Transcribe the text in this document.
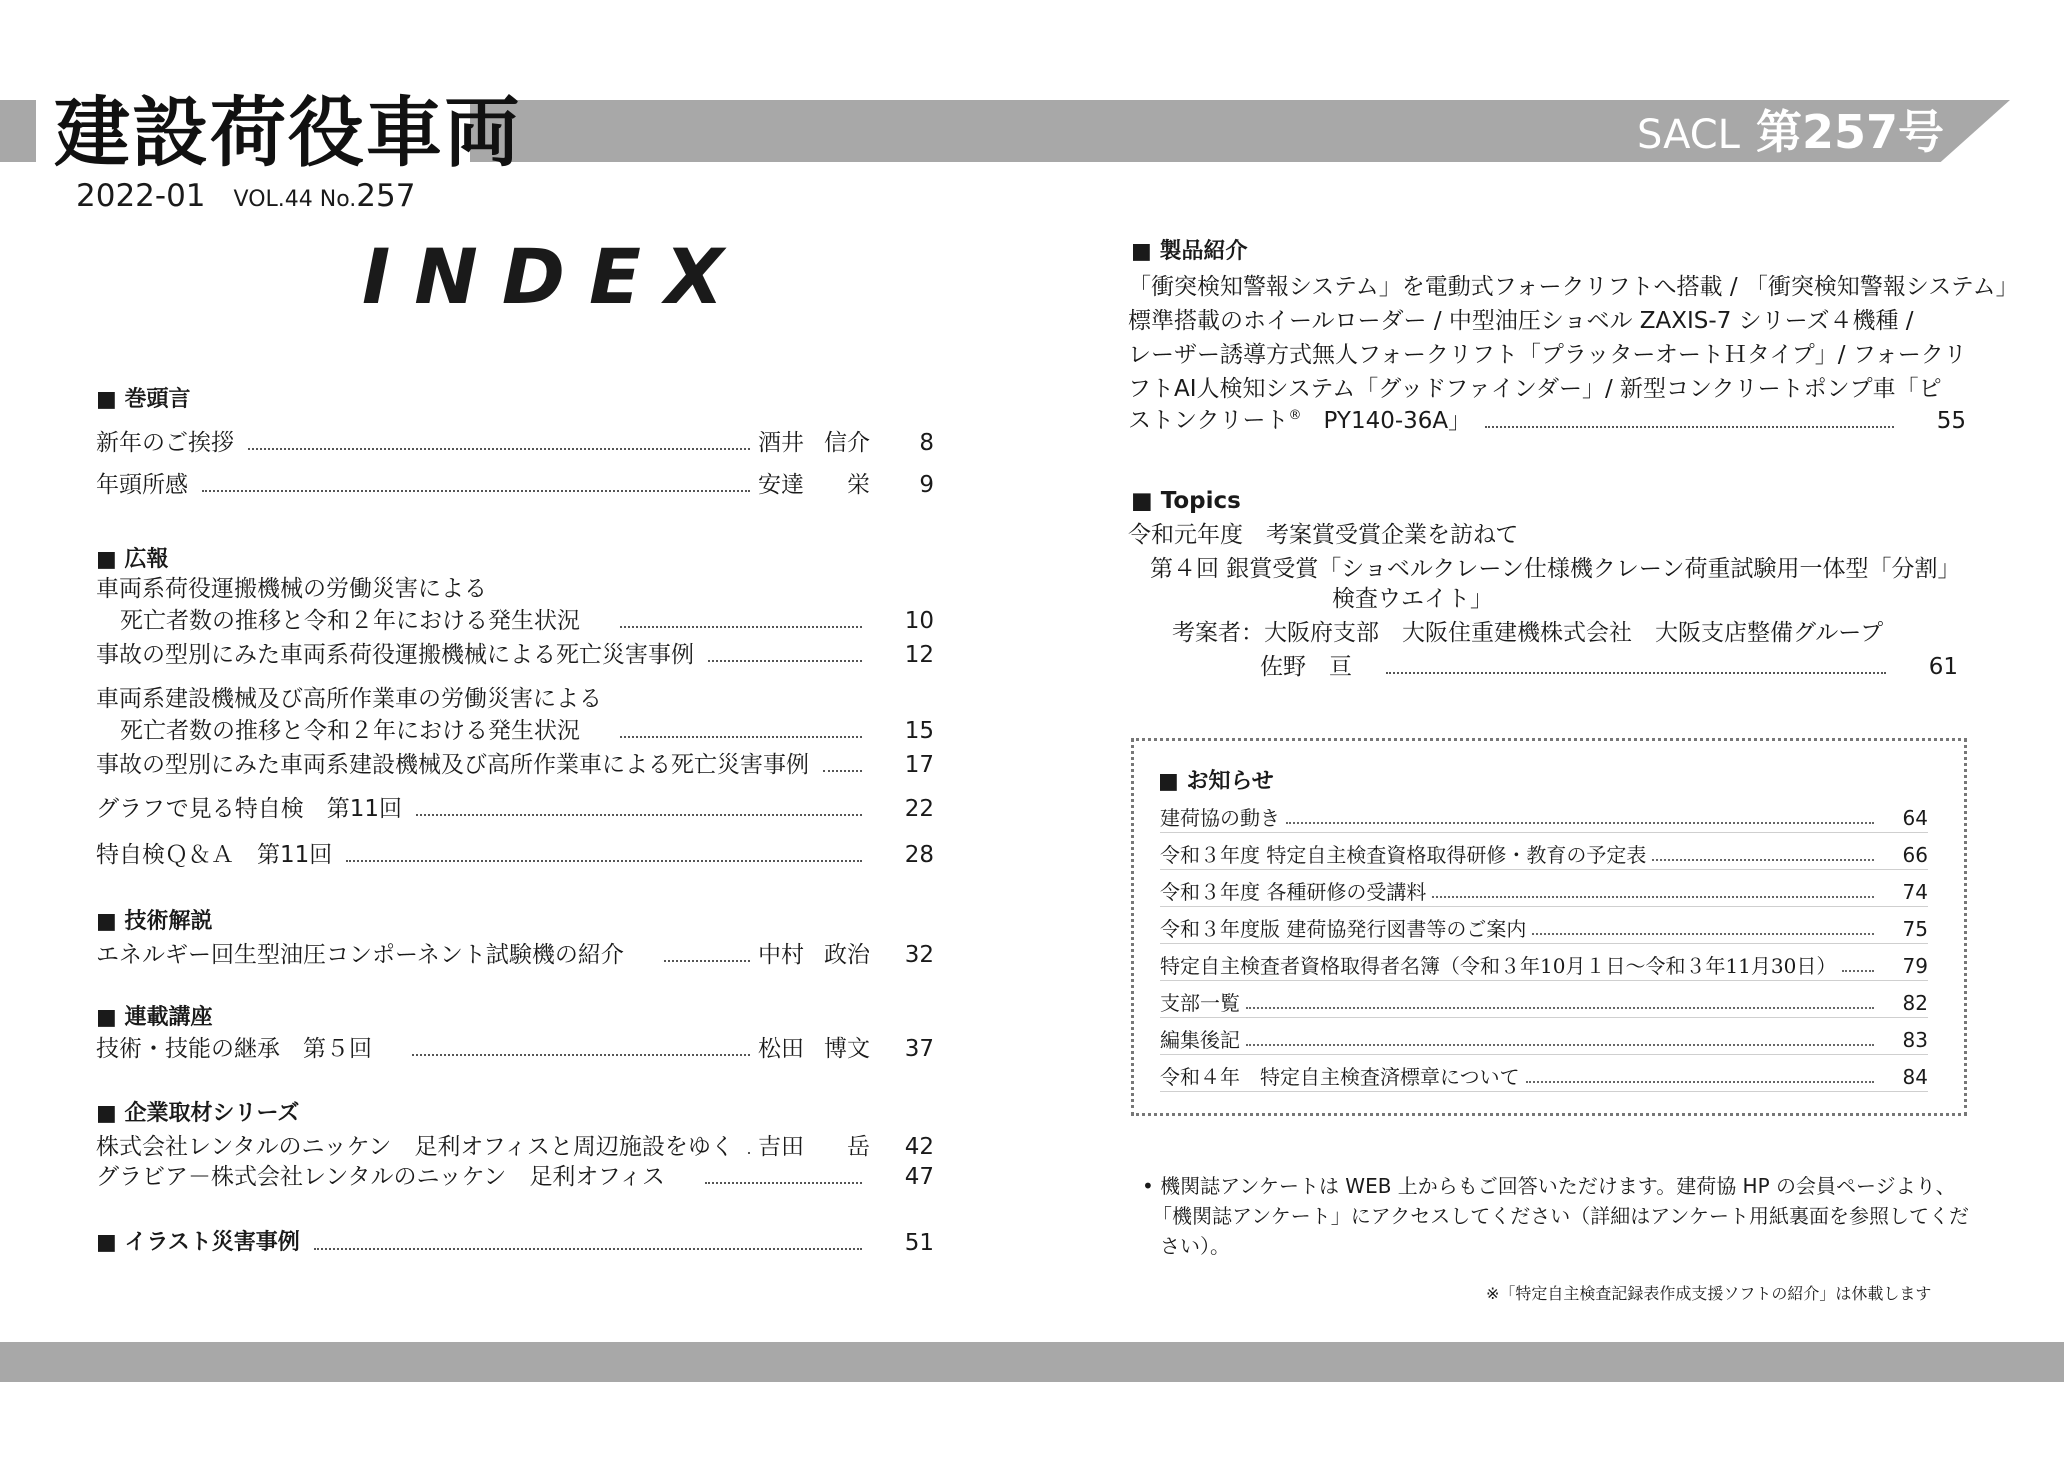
建設荷役車両	SACL 第257号
2022-01 VOL.44 No.257
INDEX
■ 巻頭言
新年のご挨拶	酒井 信介	8
年頭所感	安達 栄	9
■ 広報
車両系荷役運搬機械の労働災害による
死亡者数の推移と令和２年における発生状況	10
事故の型別にみた車両系荷役運搬機械による死亡災害事例	12
車両系建設機械及び高所作業車の労働災害による
死亡者数の推移と令和２年における発生状況	15
事故の型別にみた車両系建設機械及び高所作業車による死亡災害事例	17
グラフで見る特自検　第11回	22
特自検Ｑ＆Ａ　第11回	28
■ 技術解説
エネルギー回生型油圧コンポーネント試験機の紹介	中村 政治	32
■ 連載講座
技術・技能の継承　第５回	松田 博文	37
■ 企業取材シリーズ
株式会社レンタルのニッケン　足利オフィスと周辺施設をゆく 吉田 岳	42
グラビア－株式会社レンタルのニッケン　足利オフィス	47
■ イラスト災害事例	51
■ 製品紹介
「衝突検知警報システム」を電動式フォークリフトへ搭載 / 「衝突検知警報システム」
標準搭載のホイールローダー / 中型油圧ショベル ZAXIS-7 シリーズ４機種 /
レーザー誘導方式無人フォークリフト「プラッターオートＨタイプ」/ フォークリ
フトAI人検知システム「グッドファインダー」/ 新型コンクリートポンプ車「ピ
ストンクリート® PY140-36A」	55
■ Topics
令和元年度　考案賞受賞企業を訪ねて
第４回 銀賞受賞「ショベルクレーン仕様機クレーン荷重試験用一体型「分割」
検査ウエイト」
考案者：大阪府支部　大阪住重建機株式会社　大阪支店整備グループ
佐野　亘	61
■ お知らせ
建荷協の動き	64
令和３年度 特定自主検査資格取得研修・教育の予定表	66
令和３年度 各種研修の受講料	74
令和３年度版 建荷協発行図書等のご案内	75
特定自主検査者資格取得者名簿（令和３年10月１日～令和３年11月30日）	79
支部一覧	82
編集後記	83
令和４年　特定自主検査済標章について	84
• 機関誌アンケートは WEB 上からもご回答いただけます。建荷協 HP の会員ページより、
「機関誌アンケート」にアクセスしてください（詳細はアンケート用紙裏面を参照してくだ
さい）。
※「特定自主検査記録表作成支援ソフトの紹介」は休載します
